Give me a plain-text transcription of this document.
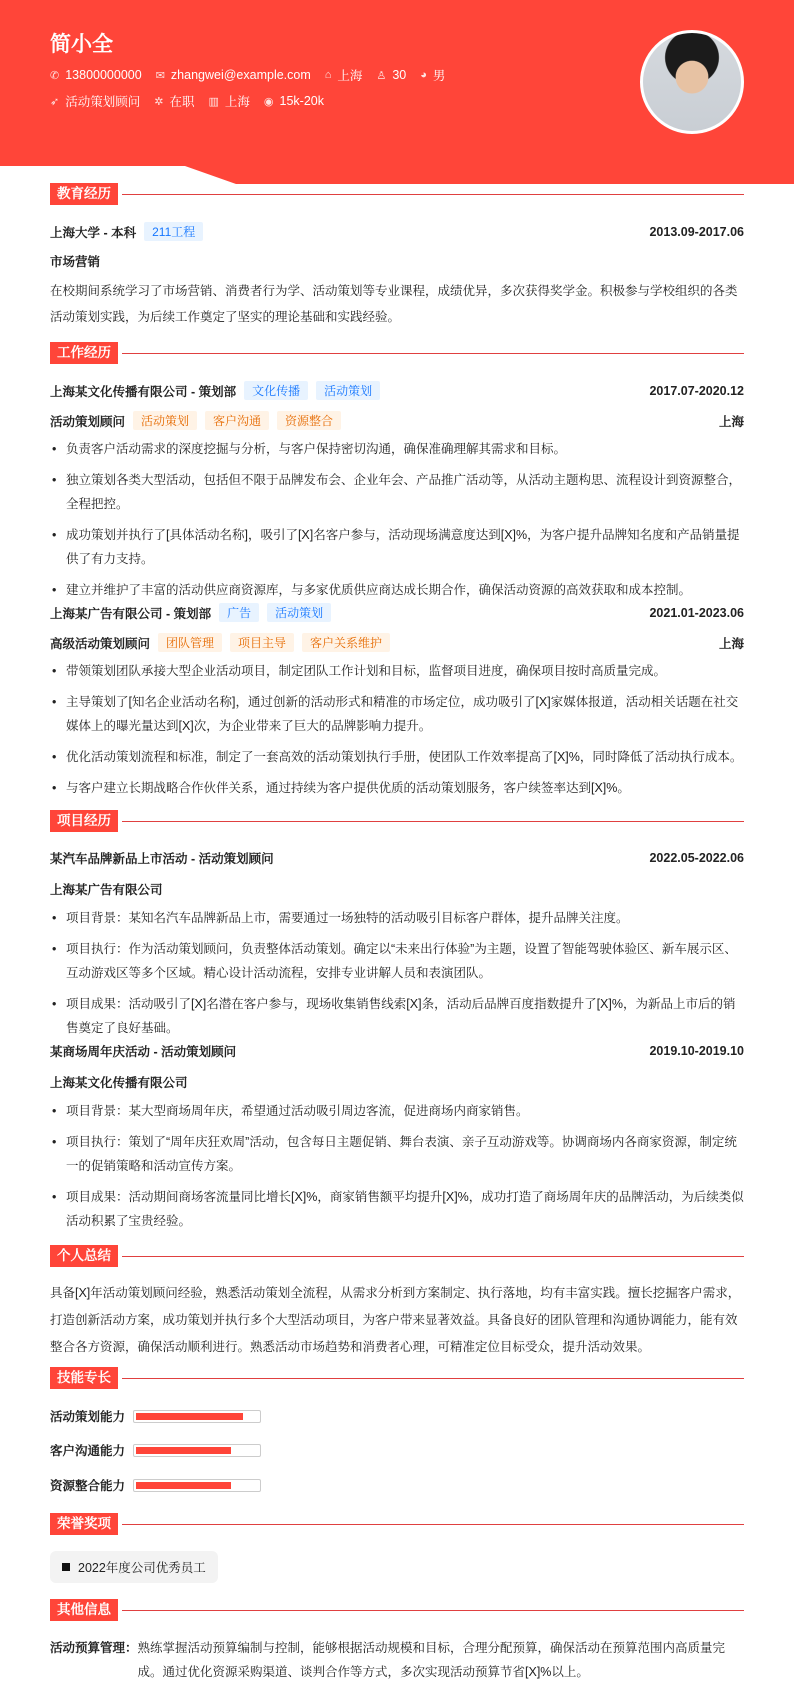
简小全
✆ 13800000000 ✉ zhangwei@example.com ⌂ 上海 ♙ 30 ◕ 男
➶ 活动策划顾问 ✲ 在职 ▥ 上海 ◉ 15k-20k
教育经历
上海大学 - 本科	211工程	2013.09-2017.06
市场营销
在校期间系统学习了市场营销、消费者行为学、活动策划等专业课程，成绩优异，多次获得奖学金。积极参与学校组织的各类活动策划实践，为后续工作奠定了坚实的理论基础和实践经验。
工作经历
上海某文化传播有限公司 - 策划部	文化传播	活动策划	2017.07-2020.12
活动策划顾问	活动策划	客户沟通	资源整合	上海
• 负责客户活动需求的深度挖掘与分析，与客户保持密切沟通，确保准确理解其需求和目标。
• 独立策划各类大型活动，包括但不限于品牌发布会、企业年会、产品推广活动等，从活动主题构思、流程设计到资源整合，全程把控。
• 成功策划并执行了[具体活动名称]，吸引了[X]名客户参与，活动现场满意度达到[X]%，为客户提升品牌知名度和产品销量提供了有力支持。
• 建立并维护了丰富的活动供应商资源库，与多家优质供应商达成长期合作，确保活动资源的高效获取和成本控制。
上海某广告有限公司 - 策划部	广告	活动策划	2021.01-2023.06
高级活动策划顾问	团队管理	项目主导	客户关系维护	上海
• 带领策划团队承接大型企业活动项目，制定团队工作计划和目标，监督项目进度，确保项目按时高质量完成。
• 主导策划了[知名企业活动名称]，通过创新的活动形式和精准的市场定位，成功吸引了[X]家媒体报道，活动相关话题在社交媒体上的曝光量达到[X]次，为企业带来了巨大的品牌影响力提升。
• 优化活动策划流程和标准，制定了一套高效的活动策划执行手册，使团队工作效率提高了[X]%，同时降低了活动执行成本。
• 与客户建立长期战略合作伙伴关系，通过持续为客户提供优质的活动策划服务，客户续签率达到[X]%。
项目经历
某汽车品牌新品上市活动 - 活动策划顾问	2022.05-2022.06
上海某广告有限公司
• 项目背景：某知名汽车品牌新品上市，需要通过一场独特的活动吸引目标客户群体，提升品牌关注度。
• 项目执行：作为活动策划顾问，负责整体活动策划。确定以“未来出行体验”为主题，设置了智能驾驶体验区、新车展示区、互动游戏区等多个区域。精心设计活动流程，安排专业讲解人员和表演团队。
• 项目成果：活动吸引了[X]名潜在客户参与，现场收集销售线索[X]条，活动后品牌百度指数提升了[X]%，为新品上市后的销售奠定了良好基础。
某商场周年庆活动 - 活动策划顾问	2019.10-2019.10
上海某文化传播有限公司
• 项目背景：某大型商场周年庆，希望通过活动吸引周边客流，促进商场内商家销售。
• 项目执行：策划了“周年庆狂欢周”活动，包含每日主题促销、舞台表演、亲子互动游戏等。协调商场内各商家资源，制定统一的促销策略和活动宣传方案。
• 项目成果：活动期间商场客流量同比增长[X]%，商家销售额平均提升[X]%，成功打造了商场周年庆的品牌活动，为后续类似活动积累了宝贵经验。
个人总结
具备[X]年活动策划顾问经验，熟悉活动策划全流程，从需求分析到方案制定、执行落地，均有丰富实践。擅长挖掘客户需求，打造创新活动方案，成功策划并执行多个大型活动项目，为客户带来显著效益。具备良好的团队管理和沟通协调能力，能有效整合各方资源，确保活动顺利进行。熟悉活动市场趋势和消费者心理，可精准定位目标受众，提升活动效果。
技能专长
活动策划能力
客户沟通能力
资源整合能力
荣誉奖项
2022年度公司优秀员工
其他信息
活动预算管理： 熟练掌握活动预算编制与控制，能够根据活动规模和目标，合理分配预算，确保活动在预算范围内高质量完成。通过优化资源采购渠道、谈判合作等方式，多次实现活动预算节省[X]%以上。
